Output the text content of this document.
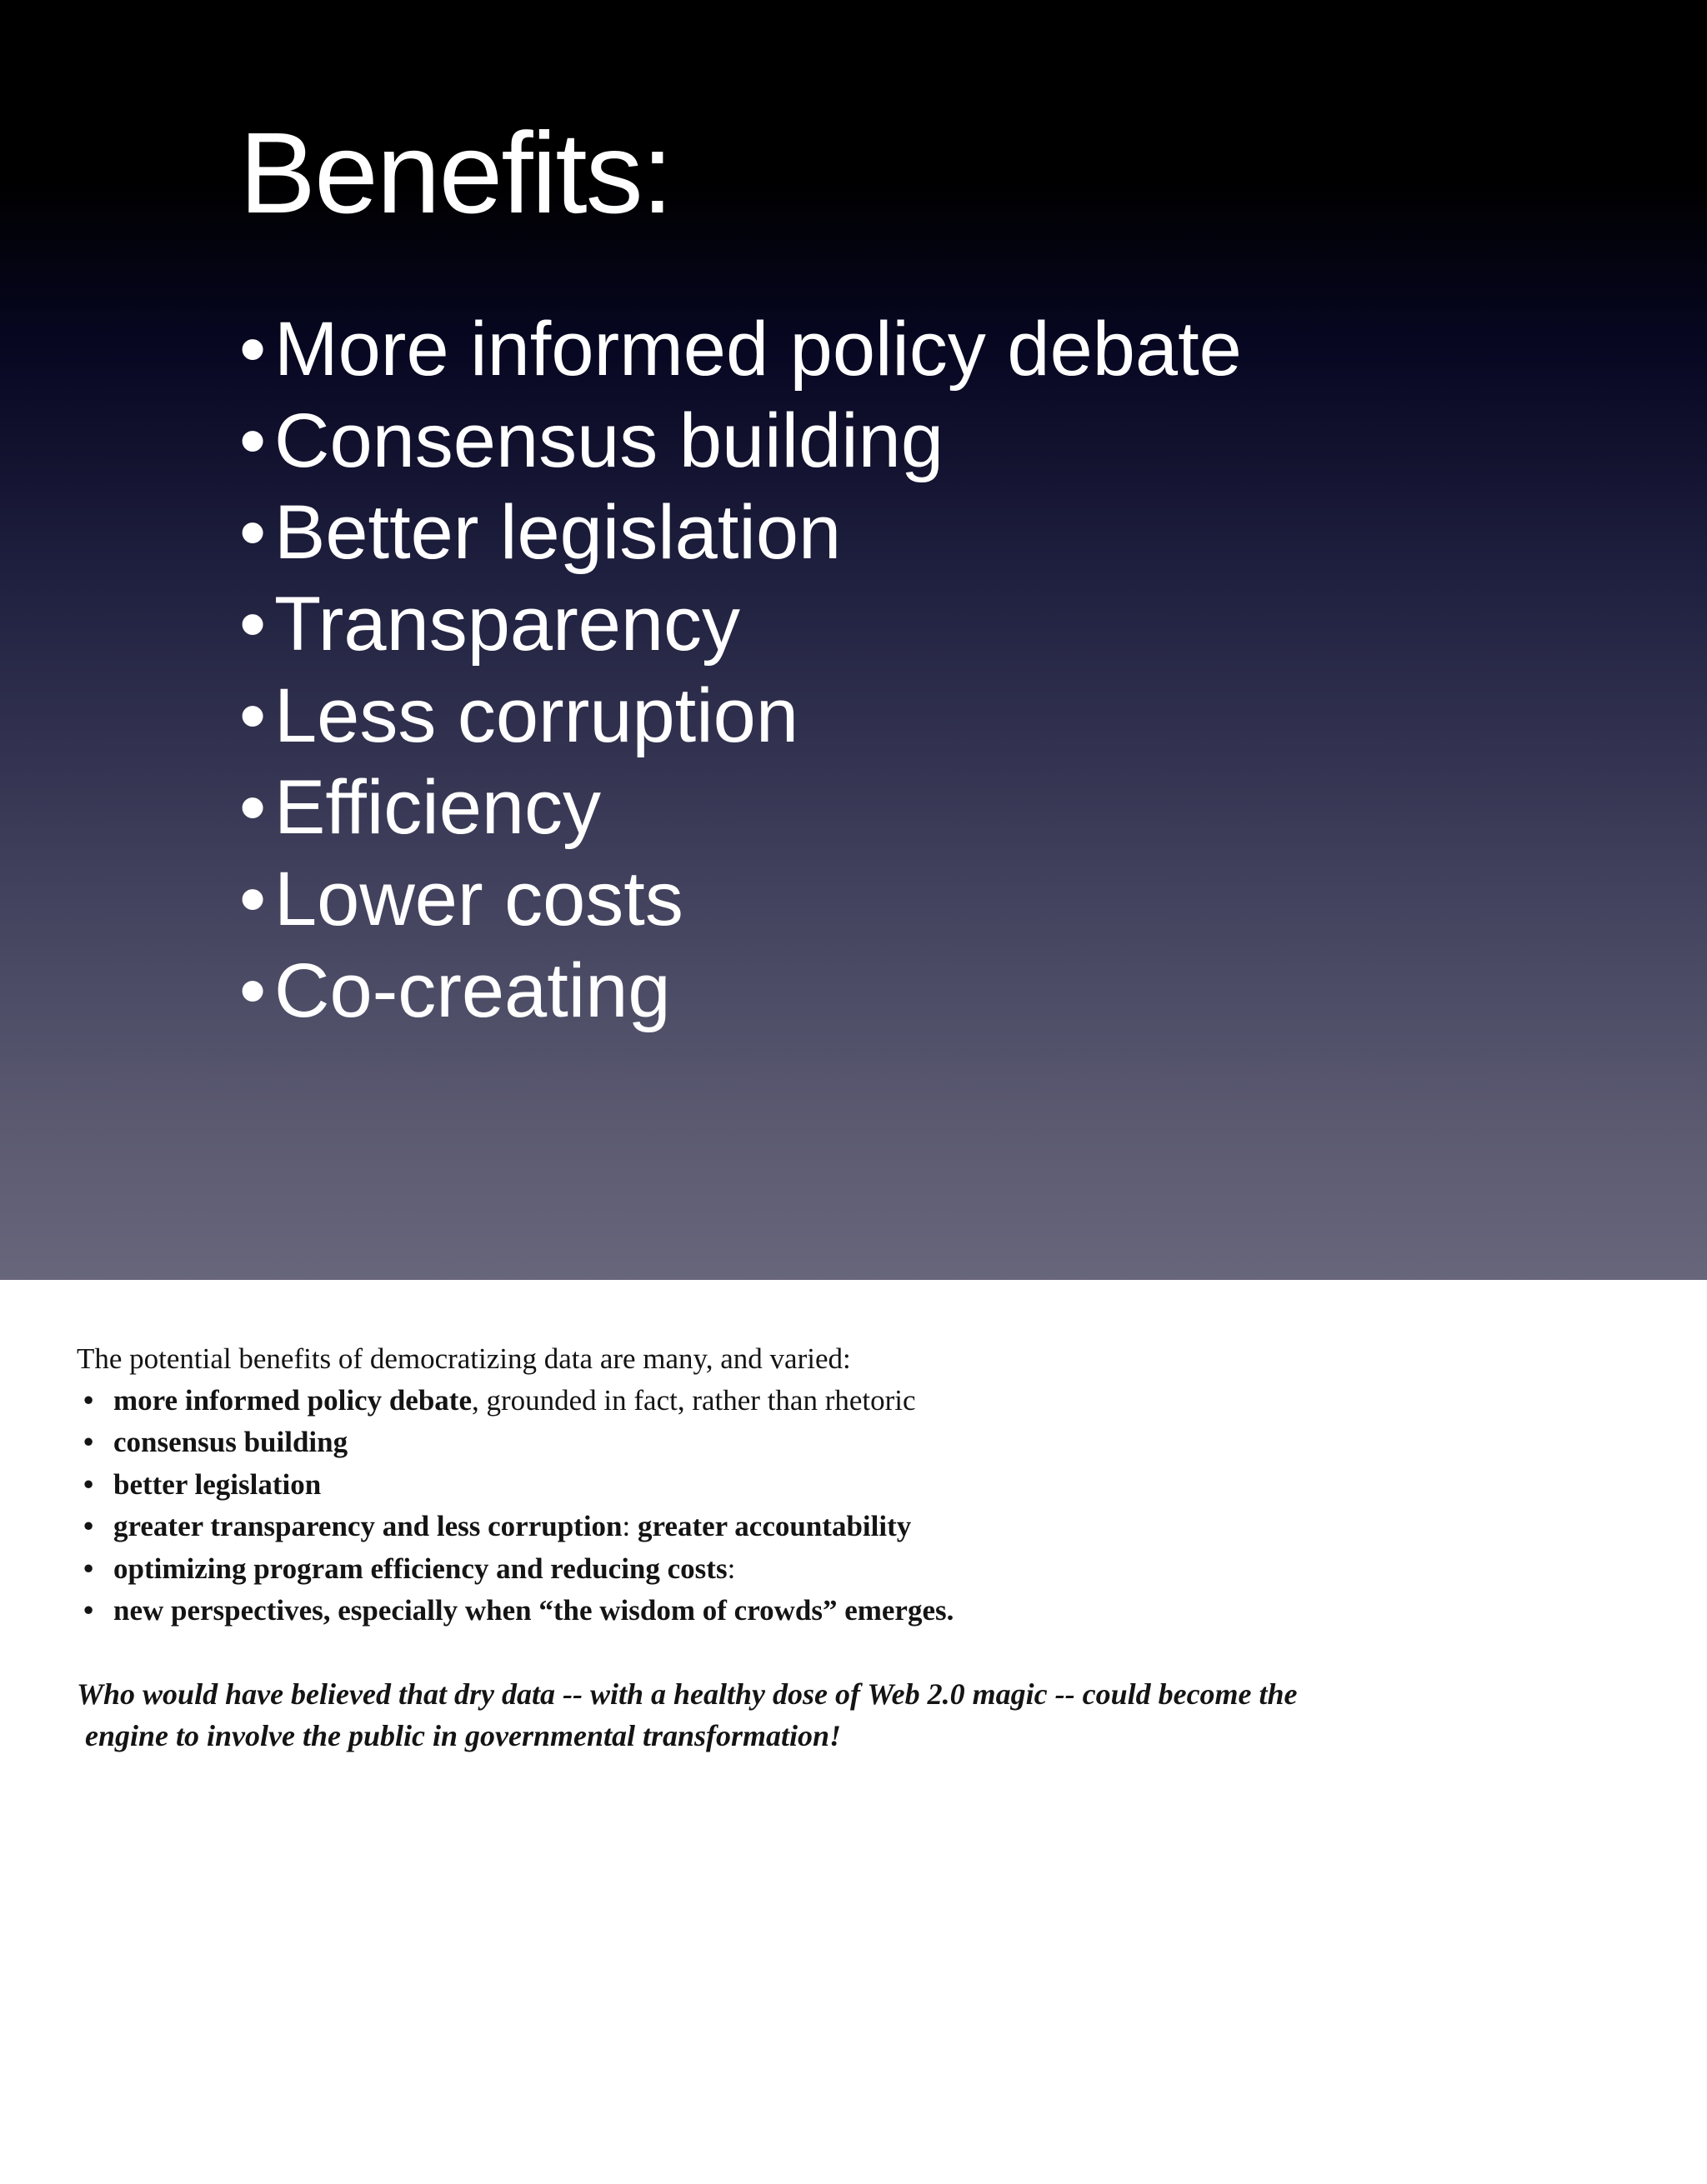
Benefits:
• More informed policy debate
• Consensus building
• Better legislation
• Transparency
• Less corruption
• Efficiency
• Lower costs
• Co-creating

The potential benefits of democratizing data are many, and varied:

• more informed policy debate, grounded in fact, rather than rhetoric
• consensus building
• better legislation
• greater transparency and less corruption: greater accountability
• optimizing program efficiency and reducing costs:
• new perspectives, especially when “the wisdom of crowds” emerges.

Who would have believed that dry data -- with a healthy dose of Web 2.0 magic -- could become the
engine to involve the public in governmental transformation!
